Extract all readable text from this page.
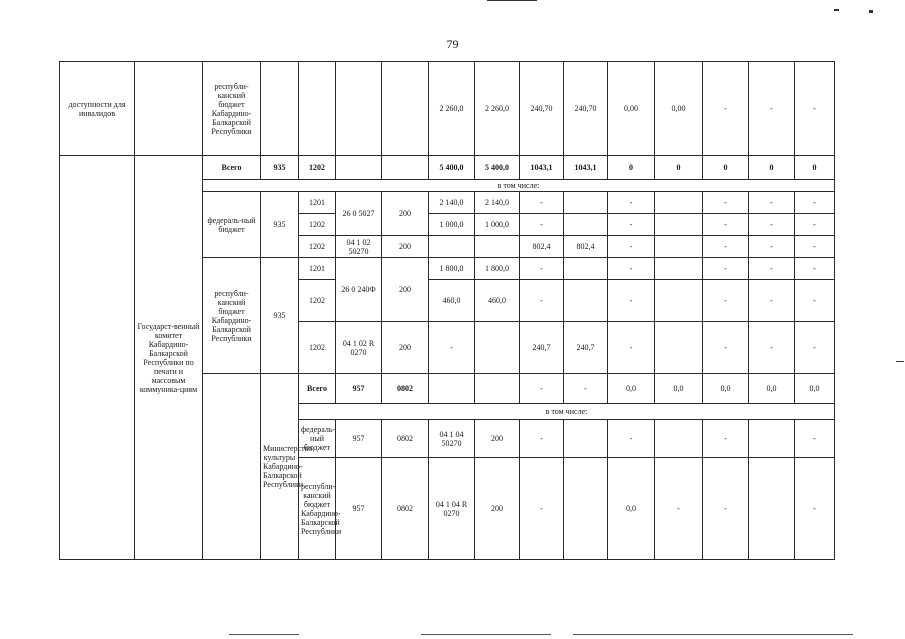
79
доступности для инвалидов		республи-канский бюджет Кабардино-Балкарской Республики					2 260,0	2 260,0	240,70	240,70	0,00	0,00	-	-	-	
	Государст-венный комитет Кабардино-Балкарской Республики по печати и массовым коммуника-циям	Всего	935	1202			5 400,0	5 400,0	1043,1	1043,1	0	0	0	0	0	
		в том числе:														
		федераль-ный бюджет	935	1201	26 0 5027	200	2 140,0	2 140,0	-		-		-	-	-	
				1202			1 000,0	1 000,0	-		-		-	-	-	
				1202	04 1 02 50270	200			802,4	802,4	-		-	-	-	
		республи-канский бюджет Кабардино-Балкарской Республики	935	1201	26 0 240Ф	200	1 800,0	1 800,0	-		-		-	-	-	
				1202			460,0	460,0	-		-		-	-	-	
				1202	04 1 02 R 0270	200	-		240,7	240,7	-		-	-	-	
			Министерство культуры Кабардино-Балкарской Республики	Всего	957	0802			-	-	0,0	0,0	0,0	0,0	0,0		
				в том числе:												
				федераль-ный бюджет	957	0802	04 1 04 50270	200	-		-		-		-		
				республи-канский бюджет Кабардино-Балкарской Республики	957	0802	04 1 04 R 0270	200	-		0,0	-	-		-		
